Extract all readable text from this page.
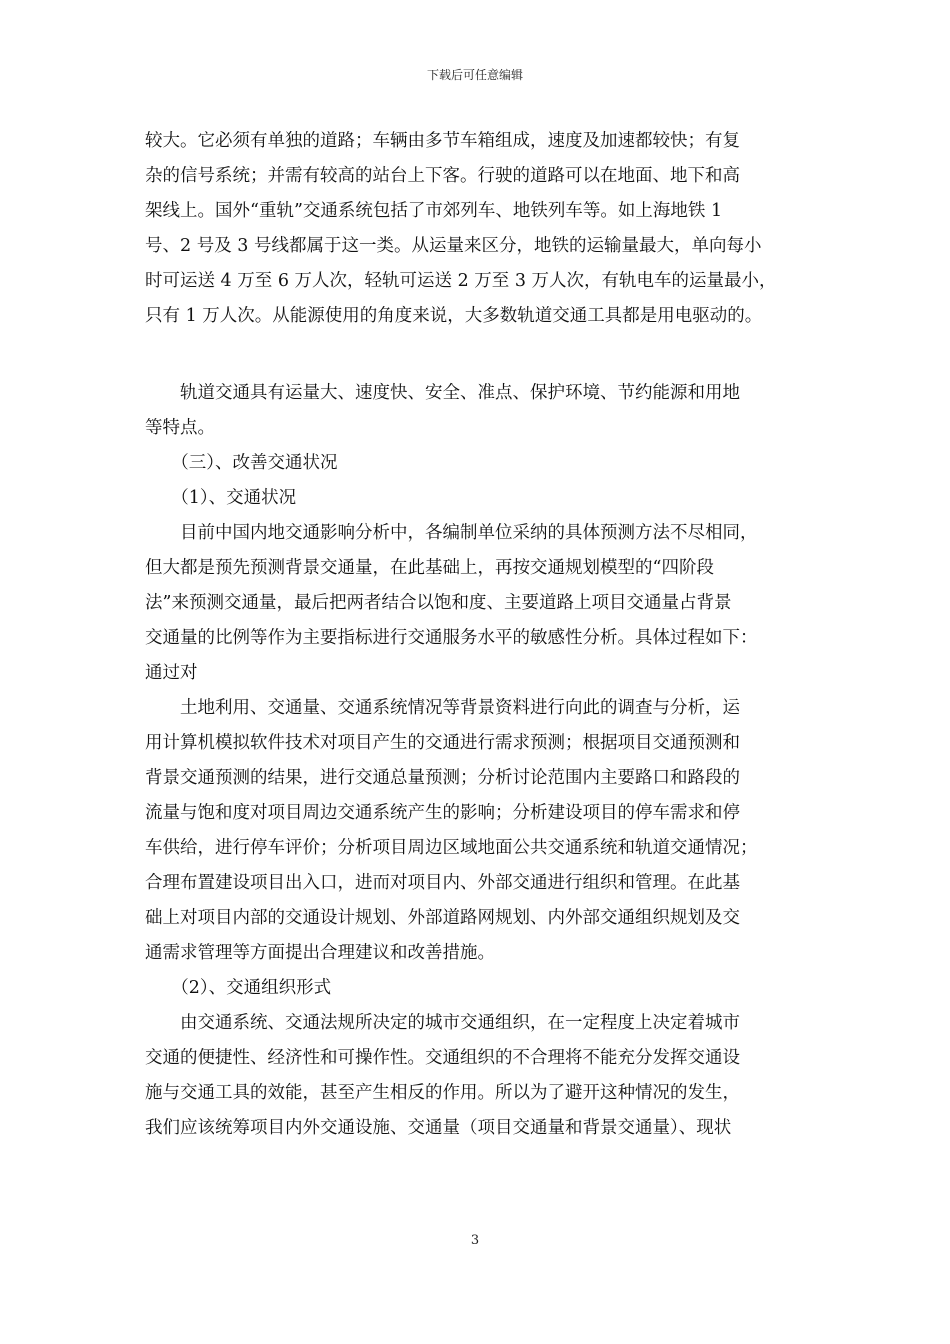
下载后可任意编辑
较大。它必须有单独的道路；车辆由多节车箱组成，速度及加速都较快；有复
杂的信号系统；并需有较高的站台上下客。行驶的道路可以在地面、地下和高
架线上。国外“重轨”交通系统包括了市郊列车、地铁列车等。如上海地铁 1
号、2 号及 3 号线都属于这一类。从运量来区分，地铁的运输量最大，单向每小
时可运送 4 万至 6 万人次，轻轨可运送 2 万至 3 万人次，有轨电车的运量最小，
只有 1 万人次。从能源使用的角度来说，大多数轨道交通工具都是用电驱动的。
　　轨道交通具有运量大、速度快、安全、准点、保护环境、节约能源和用地
等特点。
　　（三）、改善交通状况
　　（1）、交通状况
　　目前中国内地交通影响分析中，各编制单位采纳的具体预测方法不尽相同，
但大都是预先预测背景交通量，在此基础上，再按交通规划模型的“四阶段
法”来预测交通量，最后把两者结合以饱和度、主要道路上项目交通量占背景
交通量的比例等作为主要指标进行交通服务水平的敏感性分析。具体过程如下：
通过对
　　土地利用、交通量、交通系统情况等背景资料进行向此的调查与分析，运
用计算机模拟软件技术对项目产生的交通进行需求预测；根据项目交通预测和
背景交通预测的结果，进行交通总量预测；分析讨论范围内主要路口和路段的
流量与饱和度对项目周边交通系统产生的影响；分析建设项目的停车需求和停
车供给，进行停车评价；分析项目周边区域地面公共交通系统和轨道交通情况；
合理布置建设项目出入口，进而对项目内、外部交通进行组织和管理。在此基
础上对项目内部的交通设计规划、外部道路网规划、内外部交通组织规划及交
通需求管理等方面提出合理建议和改善措施。
　　（2）、交通组织形式
　　由交通系统、交通法规所决定的城市交通组织，在一定程度上决定着城市
交通的便捷性、经济性和可操作性。交通组织的不合理将不能充分发挥交通设
施与交通工具的效能，甚至产生相反的作用。所以为了避开这种情况的发生，
我们应该统筹项目内外交通设施、交通量（项目交通量和背景交通量）、现状
3
